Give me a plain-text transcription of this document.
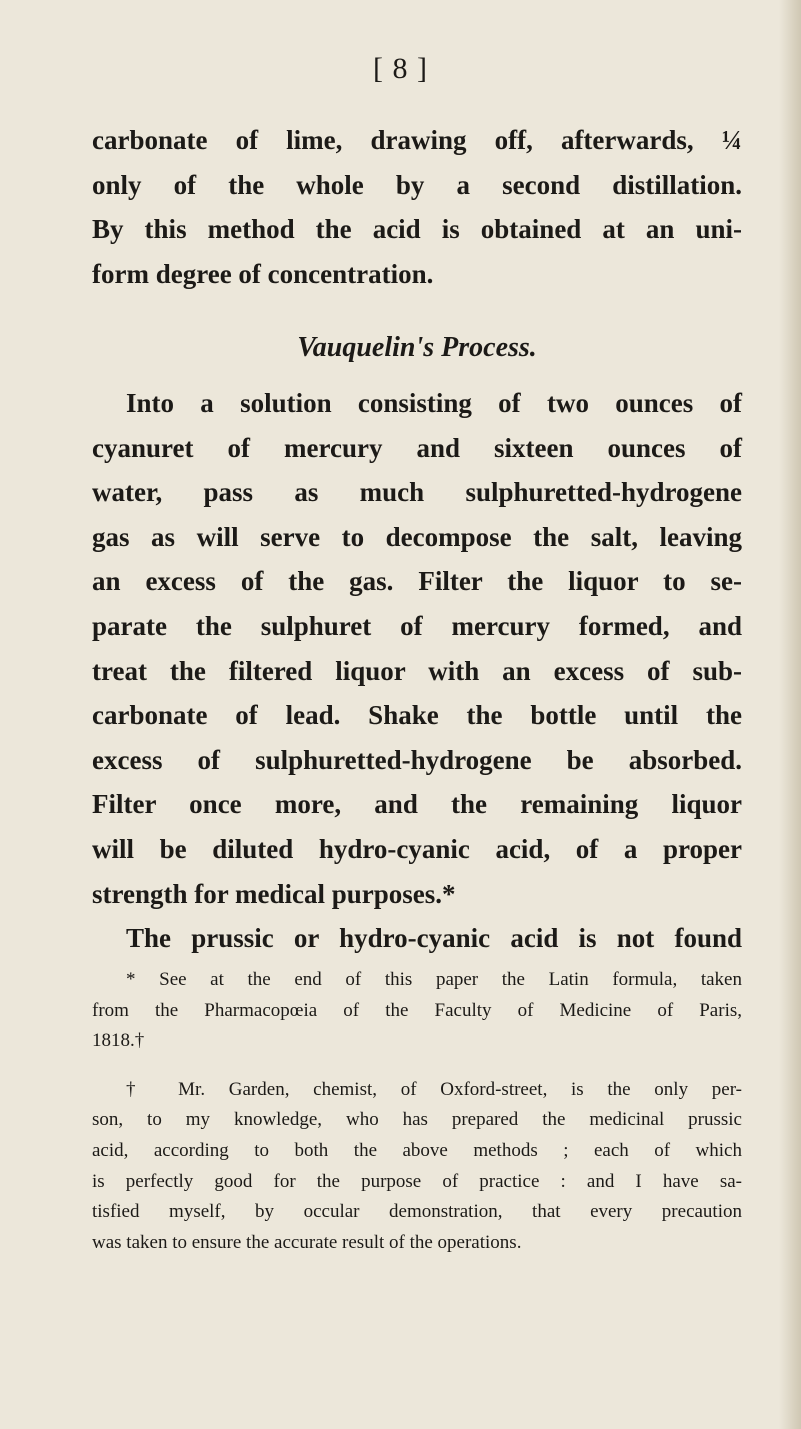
[ 8 ]
carbonate of lime, drawing off, afterwards, ¼
only of the whole by a second distillation.
By this method the acid is obtained at an uni-
form degree of concentration.
Vauquelin's Process.
Into a solution consisting of two ounces of
cyanuret of mercury and sixteen ounces of
water, pass as much sulphuretted-hydrogene
gas as will serve to decompose the salt, leaving
an excess of the gas. Filter the liquor to se-
parate the sulphuret of mercury formed, and
treat the filtered liquor with an excess of sub-
carbonate of lead. Shake the bottle until the
excess of sulphuretted-hydrogene be absorbed.
Filter once more, and the remaining liquor
will be diluted hydro-cyanic acid, of a proper
strength for medical purposes.*
The prussic or hydro-cyanic acid is not found
* See at the end of this paper the Latin formula, taken
from the Pharmacopœia of the Faculty of Medicine of Paris,
1818.†
† Mr. Garden, chemist, of Oxford-street, is the only per-
son, to my knowledge, who has prepared the medicinal prussic
acid, according to both the above methods ; each of which
is perfectly good for the purpose of practice : and I have sa-
tisfied myself, by occular demonstration, that every precaution
was taken to ensure the accurate result of the operations.
